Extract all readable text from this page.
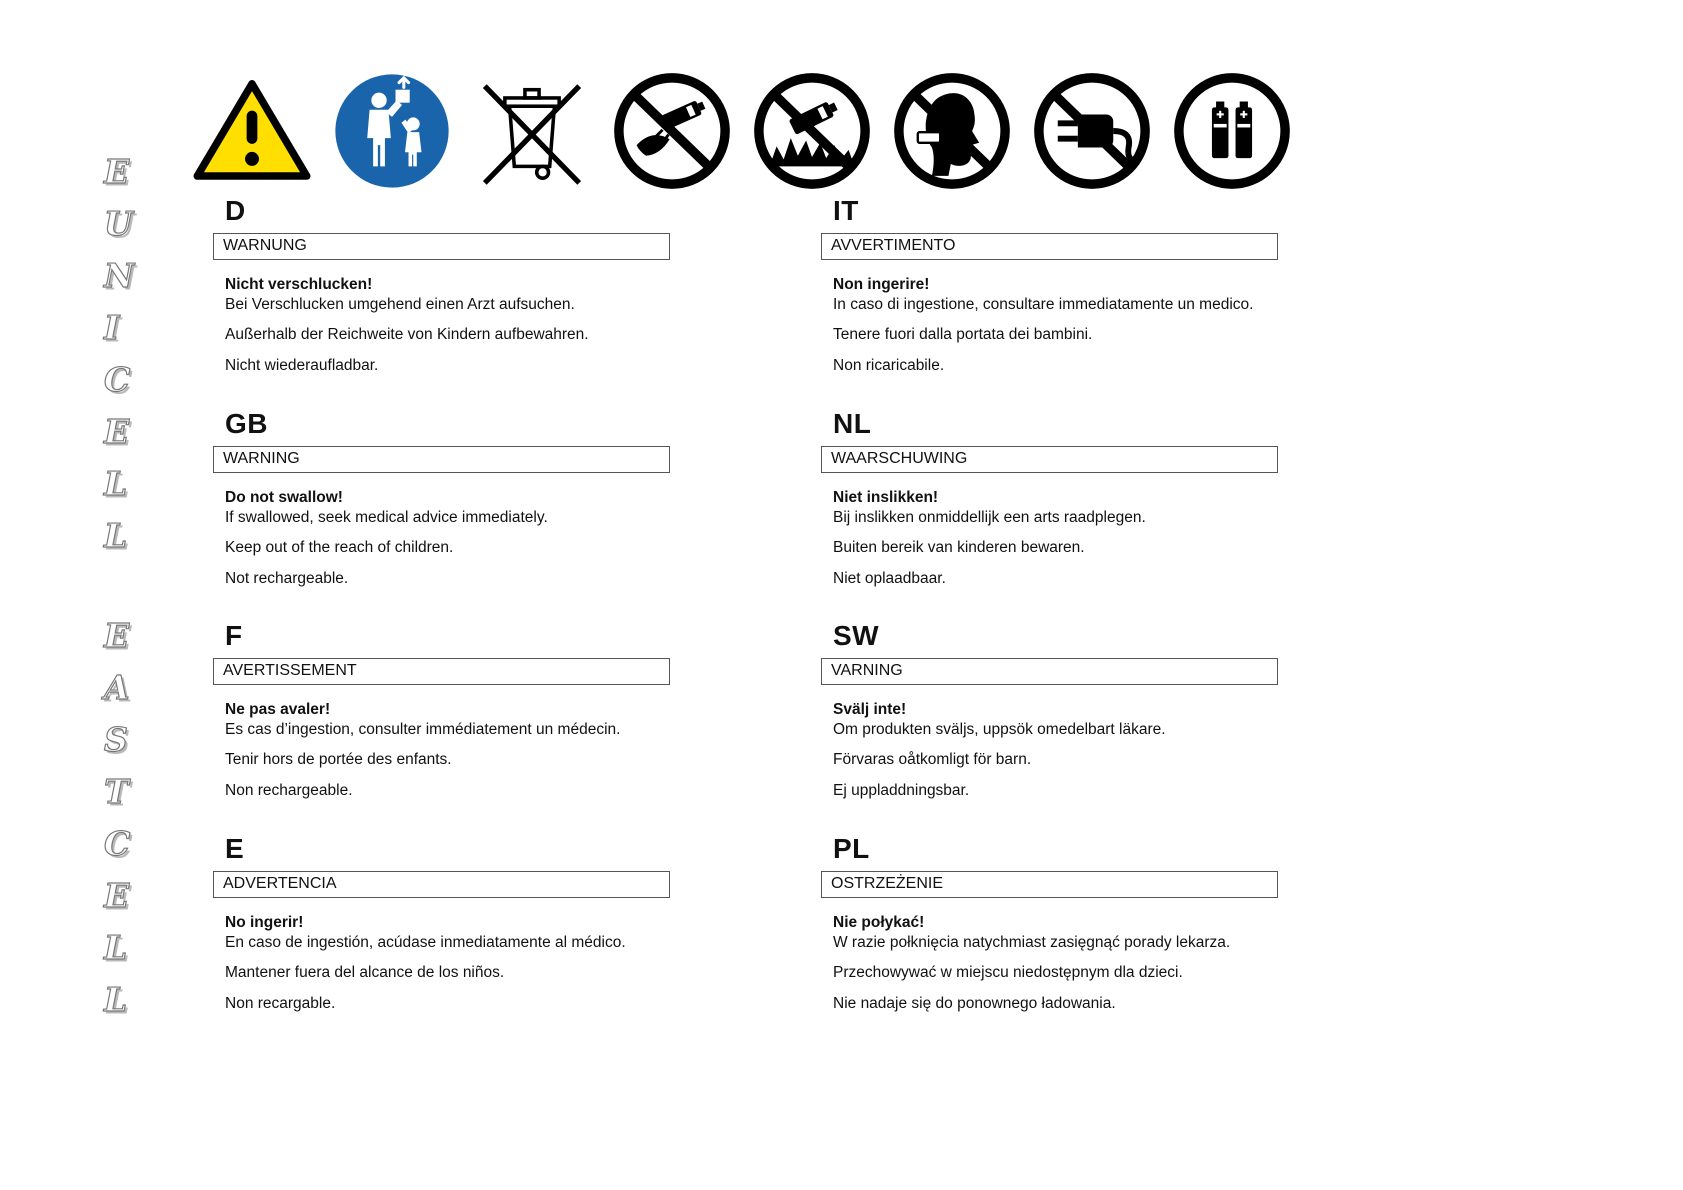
E
U
N
I
C
E
L
L
E
A
S
T
C
E
L
L
D
WARNUNG

Nicht verschlucken!
Bei Verschlucken umgehend einen Arzt aufsuchen.

Außerhalb der Reichweite von Kindern aufbewahren.

Nicht wiederaufladbar.

IT
AVVERTIMENTO

Non ingerire!
In caso di ingestione, consultare immediatamente un medico.

Tenere fuori dalla portata dei bambini.

Non ricaricabile.

GB
WARNING

Do not swallow!
If swallowed, seek medical advice immediately.

Keep out of the reach of children.

Not rechargeable.

NL
WAARSCHUWING

Niet inslikken!
Bij inslikken onmiddellijk een arts raadplegen.

Buiten bereik van kinderen bewaren.

Niet oplaadbaar.

F
AVERTISSEMENT

Ne pas avaler!
Es cas d’ingestion, consulter immédiatement un médecin.

Tenir hors de portée des enfants.

Non rechargeable.

SW
VARNING

Svälj inte!
Om produkten sväljs, uppsök omedelbart läkare.

Förvaras oåtkomligt för barn.

Ej uppladdningsbar.

E
ADVERTENCIA

No ingerir!
En caso de ingestión, acúdase inmediatamente al médico.

Mantener fuera del alcance de los niños.

Non recargable.

PL
OSTRZEŻENIE

Nie połykać!
W razie połknięcia natychmiast zasięgnąć porady lekarza.

Przechowywać w miejscu niedostępnym dla dzieci.

Nie nadaje się do ponownego ładowania.
